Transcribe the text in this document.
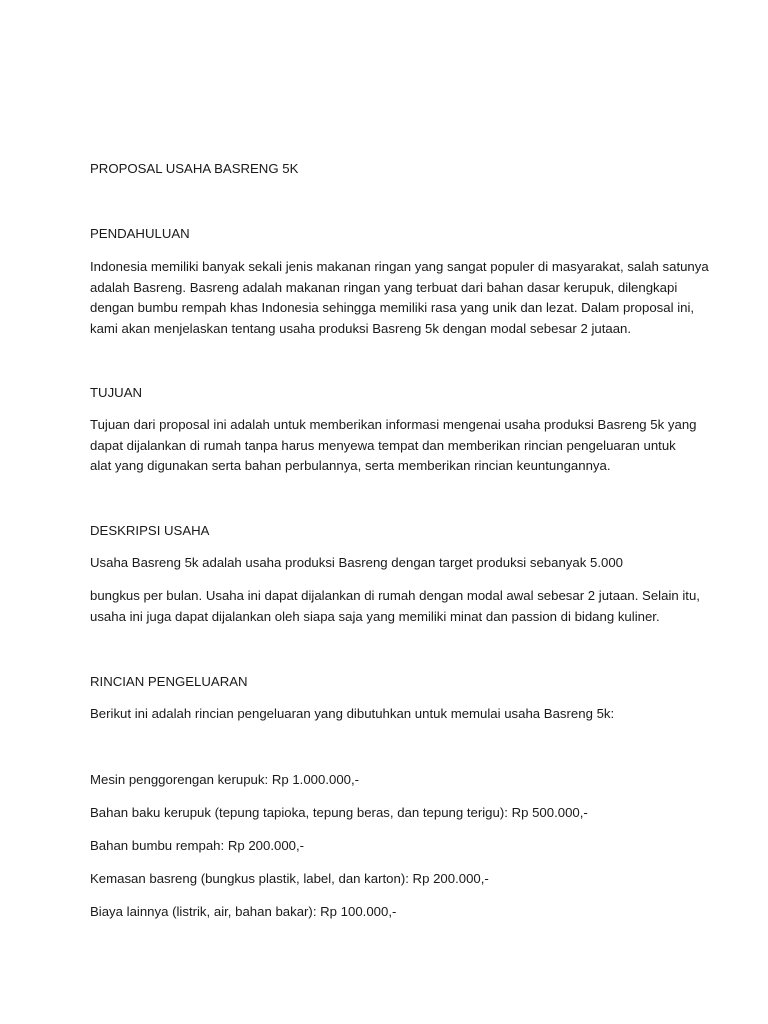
PROPOSAL USAHA BASRENG 5K
PENDAHULUAN
Indonesia memiliki banyak sekali jenis makanan ringan yang sangat populer di masyarakat, salah satunya
adalah Basreng. Basreng adalah makanan ringan yang terbuat dari bahan dasar kerupuk, dilengkapi
dengan bumbu rempah khas Indonesia sehingga memiliki rasa yang unik dan lezat. Dalam proposal ini,
kami akan menjelaskan tentang usaha produksi Basreng 5k dengan modal sebesar 2 jutaan.
TUJUAN
Tujuan dari proposal ini adalah untuk memberikan informasi mengenai usaha produksi Basreng 5k yang
dapat dijalankan di rumah tanpa harus menyewa tempat dan memberikan rincian pengeluaran untuk
alat yang digunakan serta bahan perbulannya, serta memberikan rincian keuntungannya.
DESKRIPSI USAHA
Usaha Basreng 5k adalah usaha produksi Basreng dengan target produksi sebanyak 5.000
bungkus per bulan. Usaha ini dapat dijalankan di rumah dengan modal awal sebesar 2 jutaan. Selain itu,
usaha ini juga dapat dijalankan oleh siapa saja yang memiliki minat dan passion di bidang kuliner.
RINCIAN PENGELUARAN
Berikut ini adalah rincian pengeluaran yang dibutuhkan untuk memulai usaha Basreng 5k:
Mesin penggorengan kerupuk: Rp 1.000.000,-
Bahan baku kerupuk (tepung tapioka, tepung beras, dan tepung terigu): Rp 500.000,-
Bahan bumbu rempah: Rp 200.000,-
Kemasan basreng (bungkus plastik, label, dan karton): Rp 200.000,-
Biaya lainnya (listrik, air, bahan bakar): Rp 100.000,-
